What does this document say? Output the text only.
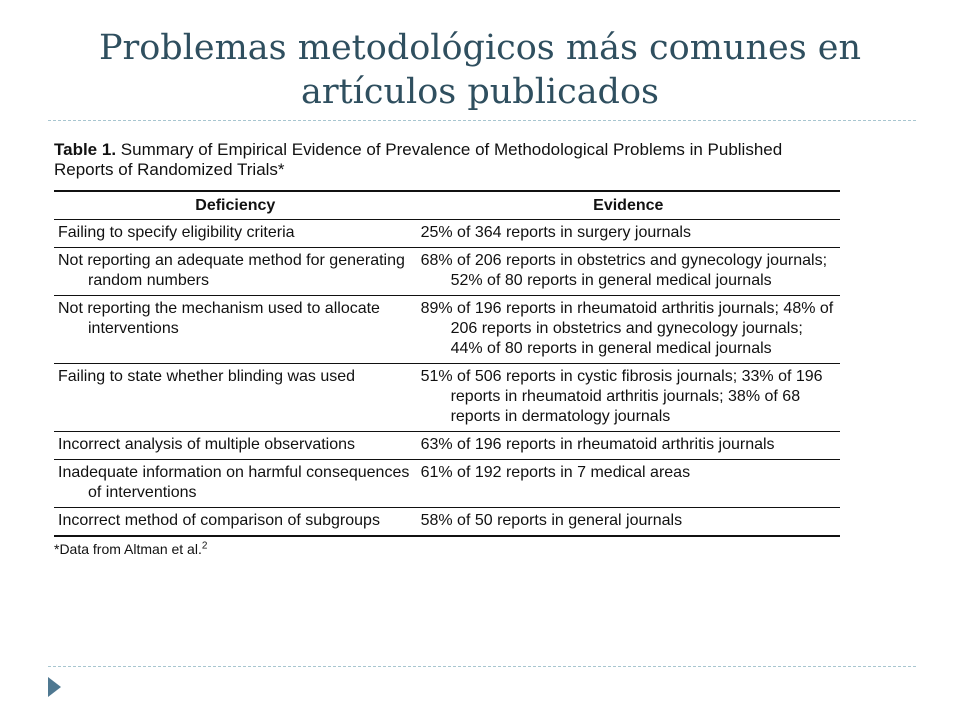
Problemas metodológicos más comunes en artículos publicados

Table 1. Summary of Empirical Evidence of Prevalence of Methodological Problems in Published Reports of Randomized Trials*

Deficiency	Evidence

Failing to specify eligibility criteria	25% of 364 reports in surgery journals

Not reporting an adequate method for generating random numbers	68% of 206 reports in obstetrics and gynecology journals; 52% of 80 reports in general medical journals

Not reporting the mechanism used to allocate interventions	89% of 196 reports in rheumatoid arthritis journals; 48% of 206 reports in obstetrics and gynecology journals; 44% of 80 reports in general medical journals

Failing to state whether blinding was used	51% of 506 reports in cystic fibrosis journals; 33% of 196 reports in rheumatoid arthritis journals; 38% of 68 reports in dermatology journals

Incorrect analysis of multiple observations	63% of 196 reports in rheumatoid arthritis journals

Inadequate information on harmful consequences of interventions	61% of 192 reports in 7 medical areas

Incorrect method of comparison of subgroups	58% of 50 reports in general journals
*Data from Altman et al.$^2$
